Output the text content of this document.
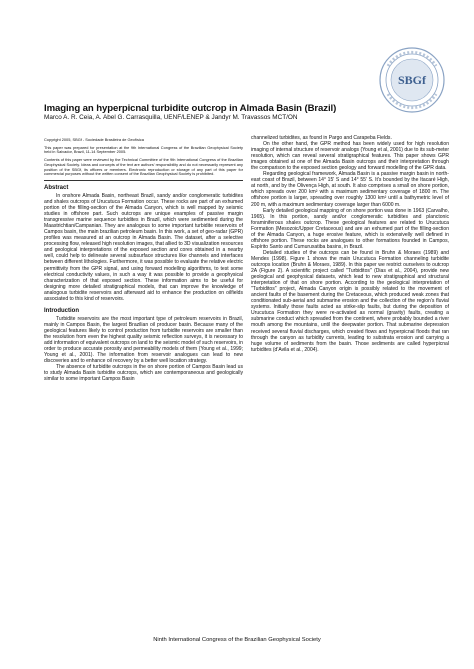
SBGf
Imaging an hyperpicnal turbidite outcrop in Almada Basin (Brazil)
Marco A. R. Ceia, A. Abel G. Carrasquilla, UENF/LENEP & Jandyr M. Travassos MCT/ON

Copyright 2005, SBGf - Sociedade Brasileira de Geofísica

This paper was prepared for presentation at the 9th International Congress of the Brazilian Geophysical Society held in Salvador, Brazil, 11-14 September 2005.

Contents of this paper were reviewed by the Technical Committee of the 9th International Congress of the Brazilian Geophysical Society. Ideas and concepts of the text are authors' responsibility and do not necessarily represent any position of the SBGf, its officers or members. Electronic reproduction or storage of any part of this paper for commercial purposes without the written consent of the Brazilian Geophysical Society is prohibited.

Abstract

In onshore Almada Basin, northeast Brazil, sandy and/or conglomeratic turbidites and shales outcrops of Urucutuca Formation occur. These rocks are part of an exhumed portion of the filling-section of the Almada Canyon, which is well mapped by seismic studies in offshore part. Such outcrops are unique examples of passive margin transgressive marine sequence turbidites in Brazil, which were sedimented during the Maastrichtian/Campanian. They are analogous to some important turbidite reservoirs of Campos basin, the main brazilian petroleum basin. In this work, a set of geo-radar (GPR) profiles was measured at an outcrop in Almada Basin. The dataset, after a selective processing flow, released high resolution images, that allied to 3D visualization resources and geological interpretations of the exposed section and cores obtained in a nearby well, could help to delineate several subsurface structures like channels and interfaces between different lithologies. Furthermore, it was possible to evaluate the relative electric permittivity from the GPR signal, and using forward modelling algorithms, to test some electrical conductivity values, in such a way it was possible to provide a geophysical characterization of that exposed section. These information aims to be useful for designing more detailed stratigraphical models, that can improve the knowledge of analogous turbidite reservoirs and afterward aid to enhance the production on oilfields associated to this kind of reservoirs.

Introduction

Turbidite reservoirs are the most important type of petroleum reservoirs in Brazil, mainly in Campos Basin, the largest Brazilian oil producer basin. Because many of the geological features likely to control production from turbidite reservoirs are smaller than the resolution from even the highest quality seismic reflection surveys, it is necessary to add information of equivalent outcrops on land to the seismic model of such reservoirs, in order to produce accurate porosity and permeability models of them (Young et al., 1999; Young et al., 2001). The information from reservoir analogues can lead to new discoveries and to enhance oil recovery by a better well location strategy.

The absence of turbidite outcrops in the on shore portion of Campos Basin lead us to study Almada Basin turbidite outcrops, which are contemporaneous and geologically similar to some important Campos Basin

channelized turbidites, as found in Pargo and Carapeba Fields.

On the other hand, the GPR method has been widely used for high resolution imaging of internal structure of reservoir analogs (Young et al, 2001) due to its sub-meter resolution, which can reveal several stratigraphical features. This paper shows GPR images obtained at one of the Almada Basin outcrops and their interpretation through the comparison to the exposed section geology and forward modelling of the GPR data.

Regarding geological framework, Almada Basin is a passive margin basin in north-east coast of Brazil, between 14° 15' S and 14° 55' S. It's bounded by the Itacaré High, at north, and by the Olivença High, at south. It also comprises a small on shore portion, which spreads over 200 km² with a maximum sedimentary coverage of 1800 m. The offshore portion is larger, spreading over roughly 1300 km² until a bathymetric level of 200 m, with a maximum sedimentary coverage larger than 6000 m.

Early detailed geological mapping of on shore portion was done in 1963 (Carvalho, 1965). In this portion, sandy and/or conglomeratic turbidites and planctonic foraminiferous shales outcrop. These geological features are related to Urucutuca Formation (Mesozoic/Upper Cretaceous) and are an exhumed part of the filling-section of the Almada Canyon, a huge erosive feature, which is extensivelly well defined in offshore portion. These rocks are analogues to other formations founded in Campos, Espírito Santo and Cumuruxatiba basins, in Brazil.

Detailed studies of the outcrops can be found in Bruhn & Moraes (1989) and Mendes (1998). Figure 1 shows the main Urucutuca Formation channeling turbidite outcrops location (Bruhn & Moraes, 1989). In this paper we restrict ourselves to outcrop 2A (Figure 2). A scientific project called "Turbiditos" (Dias et al., 2004), provide new geological and geophysical datasets, which lead to new stratigraphical and structural interpretation of that on shore portion. According to the geological interpretation of "Turbiditos" project, Almada Canyon origin is possibly related to the movement of ancient faults of the basement during the Cretaceous, which produced weak zones that conditionated sub-aerial and submarine erosion and the collection of the region's fluvial systems. Initially those faults acted as strike-slip faults, but during the deposition of Urucutuca Formation they were re-activated as normal (gravity) faults, creating a submarine conduct which spreaded from the continent, where probably bounded a river mouth among the mountains, until the deepwater portion. That submarine depression received several fluvial discharges, which created flows and hyperpicnal floods that ran through the canyon as turbidity currents, leading to substrata erosion and carrying a huge volume of sediments from the basin. Those sediments are called hyperpicnal turbidites (d'Avila et al., 2004).

Ninth International Congress of the Brazilian Geophysical Society
